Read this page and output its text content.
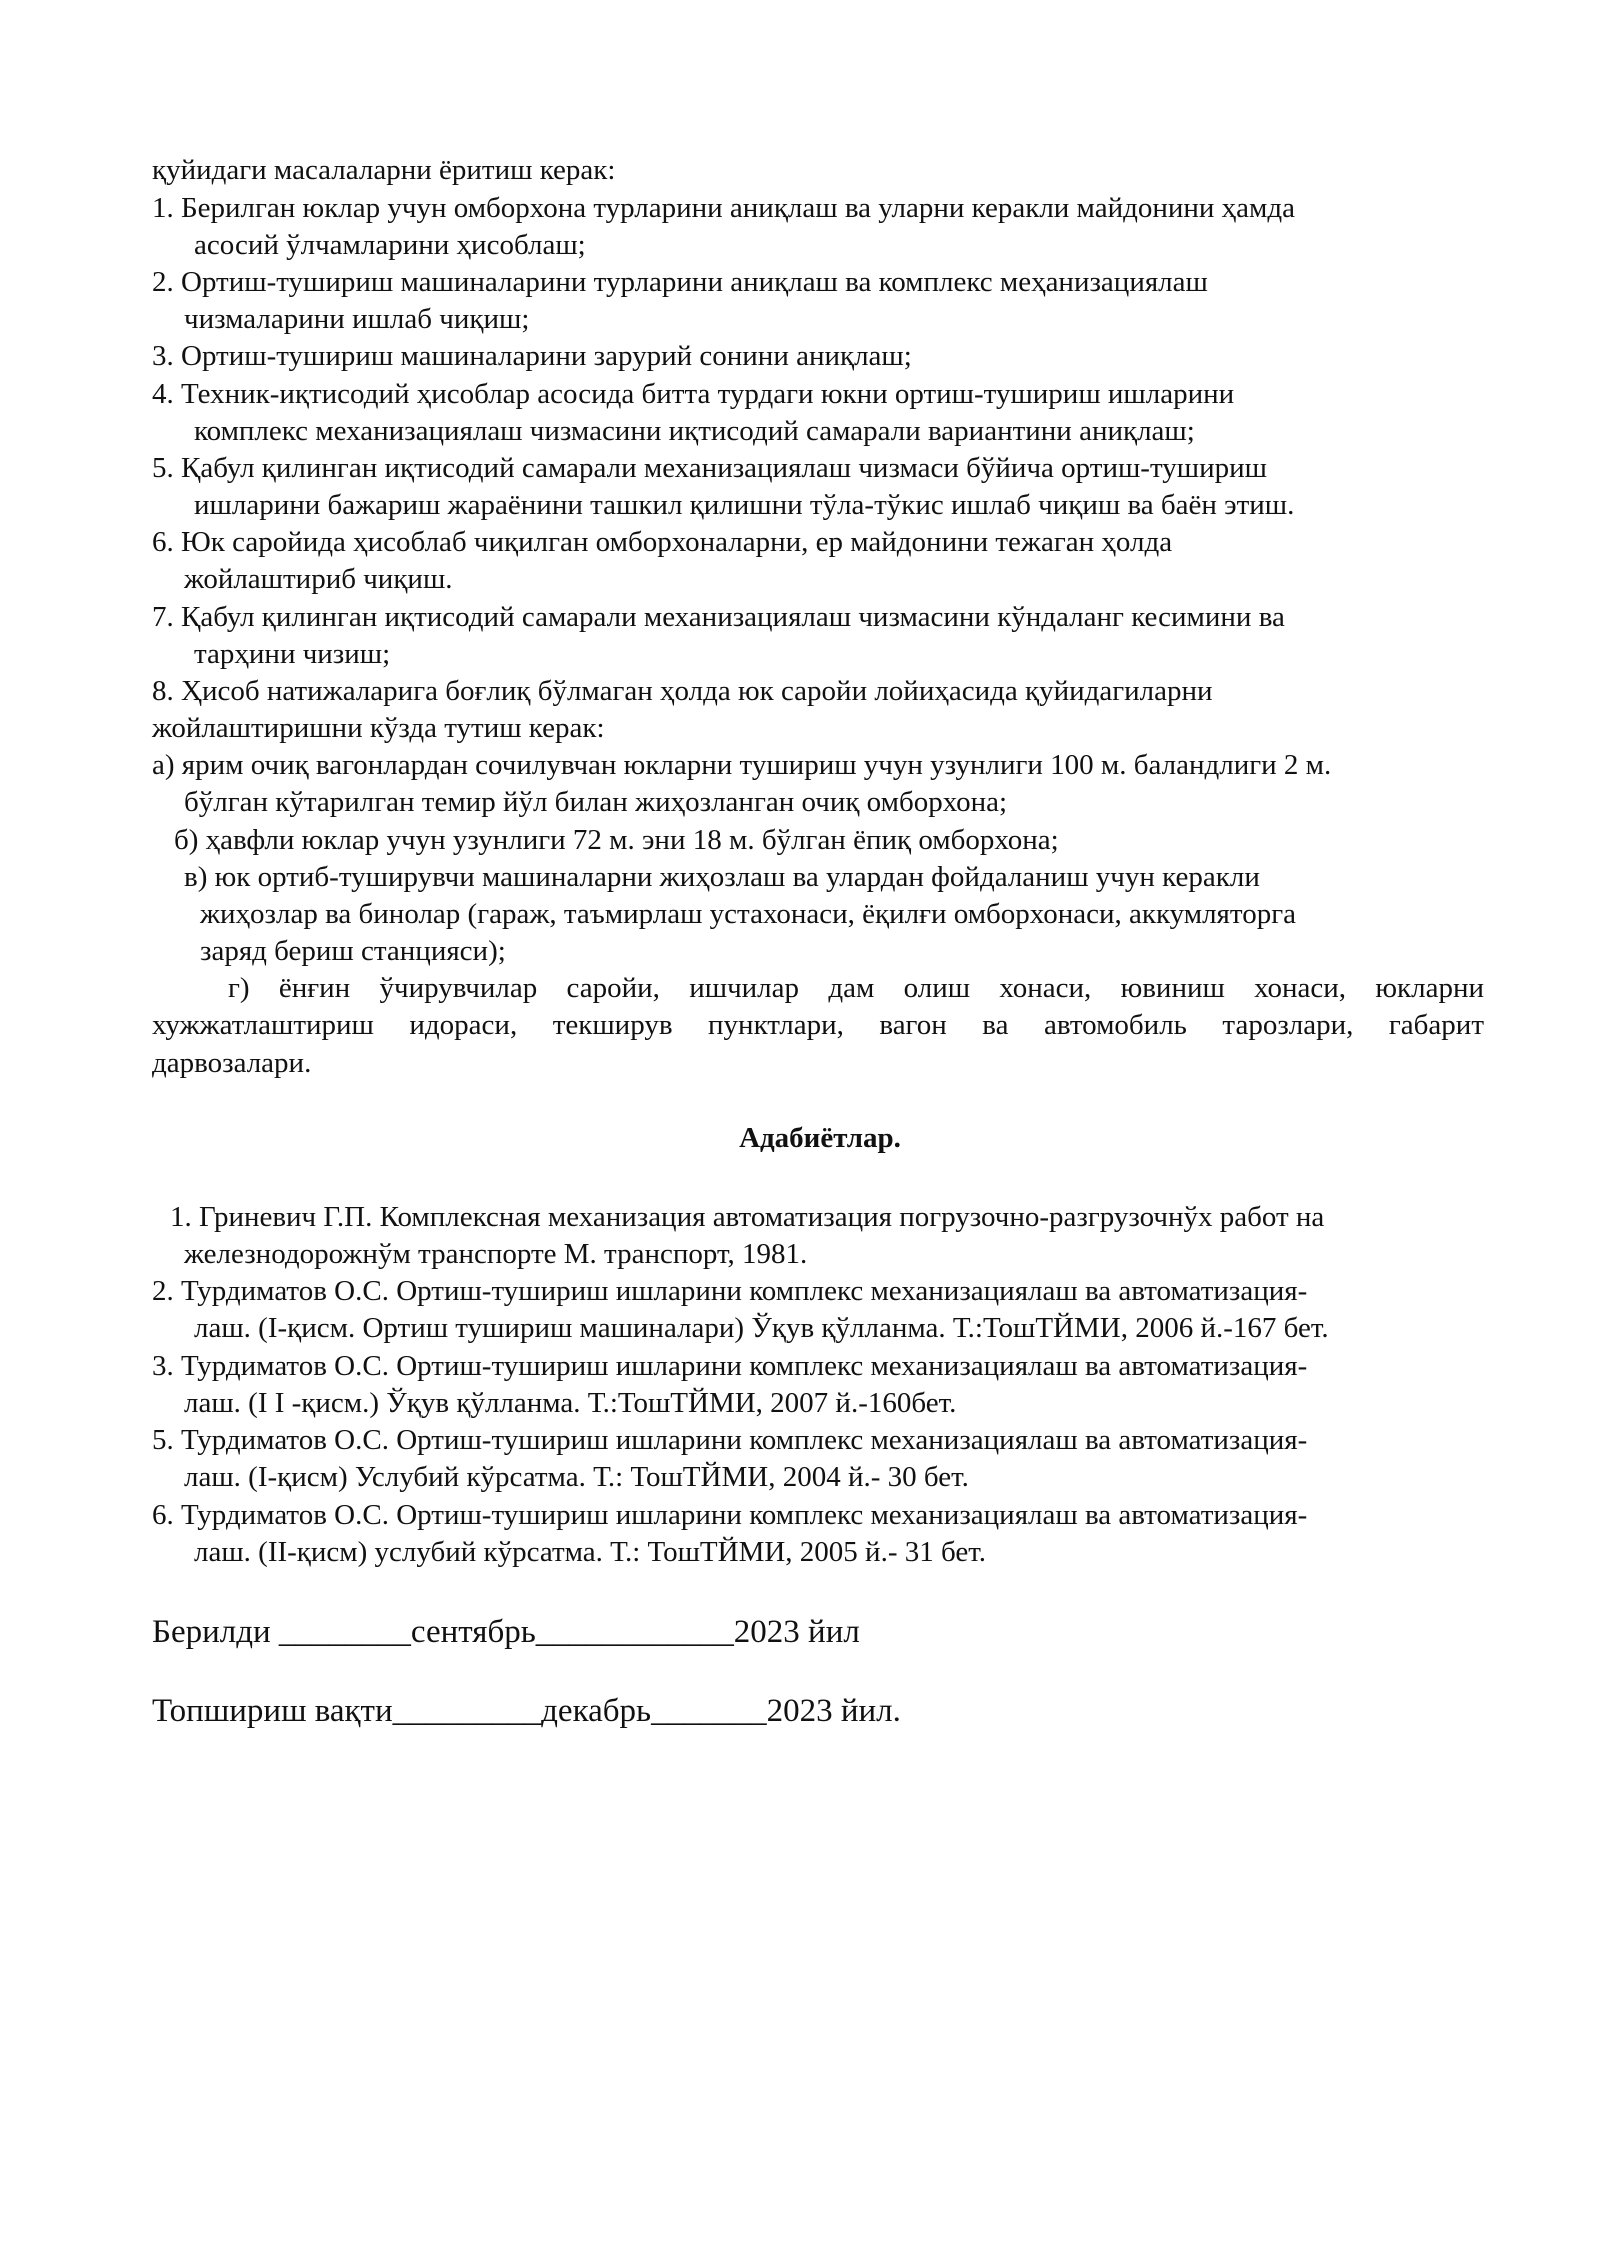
қуйидаги масалаларни ёритиш керак:
1. Берилган юклар учун омборхона турларини аниқлаш ва уларни керакли майдонини ҳамда
асосий ўлчамларини ҳисоблаш;
2. Ортиш-тушириш машиналарини турларини аниқлаш ва комплекс меҳанизациялаш
чизмаларини ишлаб чиқиш;
3. Ортиш-тушириш машиналарини зарурий сонини аниқлаш;
4. Техник-иқтисодий ҳисоблар асосида битта турдаги юкни ортиш-тушириш ишларини
комплекс механизациялаш чизмасини иқтисодий самарали вариантини аниқлаш;
5. Қабул қилинган иқтисодий самарали механизациялаш чизмаси бўйича ортиш-тушириш
ишларини бажариш жараёнини ташкил қилишни тўла-тўкис ишлаб чиқиш ва баён этиш.
6. Юк саройида ҳисоблаб чиқилган омборхоналарни, ер майдонини тежаган ҳолда
жойлаштириб чиқиш.
7. Қабул қилинган иқтисодий самарали механизациялаш чизмасини кўндаланг кесимини ва
тарҳини чизиш;
8. Ҳисоб натижаларига боғлиқ бўлмаган ҳолда юк саройи лойиҳасида қуйидагиларни
жойлаштиришни кўзда тутиш керак:
а) ярим очиқ вагонлардан сочилувчан юкларни тушириш учун узунлиги 100 м. баландлиги 2 м.
бўлган кўтарилган темир йўл билан жиҳозланган очиқ омборхона;
б) ҳавфли юклар учун узунлиги 72 м. эни 18 м. бўлган ёпиқ омборхона;
в) юк ортиб-туширувчи машиналарни жиҳозлаш ва улардан фойдаланиш учун керакли
жиҳозлар ва бинолар (гараж, таъмирлаш устахонаси, ёқилғи омборхонаси, аккумляторга
заряд бериш станцияси);
г) ёнғин ўчирувчилар саройи, ишчилар дам олиш хонаси, ювиниш хонаси, юкларни
хужжатлаштириш идораси, текширув пунктлари, вагон ва автомобиль тарозлари, габарит
дарвозалари.
Адабиётлар.
1. Гриневич Г.П. Комплексная механизация автоматизация погрузочно-разгрузочнўх работ на
железнодорожнўм транспорте М. транспорт, 1981.
2. Турдиматов О.С. Ортиш-тушириш ишларини комплекс механизациялаш ва автоматизация-
лаш. (I-қисм. Ортиш тушириш машиналари) Ўқув қўлланма. Т.:ТошТЙМИ, 2006 й.-167 бет.
3. Турдиматов О.С. Ортиш-тушириш ишларини комплекс механизациялаш ва автоматизация-
лаш. (I I -қисм.) Ўқув қўлланма. Т.:ТошТЙМИ, 2007 й.-160бет.
5. Турдиматов О.С. Ортиш-тушириш ишларини комплекс механизациялаш ва автоматизация-
лаш. (I-қисм) Услубий кўрсатма. Т.: ТошТЙМИ, 2004 й.- 30 бет.
6. Турдиматов О.С. Ортиш-тушириш ишларини комплекс механизациялаш ва автоматизация-
лаш. (II-қисм) услубий кўрсатма. Т.: ТошТЙМИ, 2005 й.- 31 бет.
Берилди ________сентябрь____________2023 йил
Топшириш вақти_________декабрь_______2023 йил.
